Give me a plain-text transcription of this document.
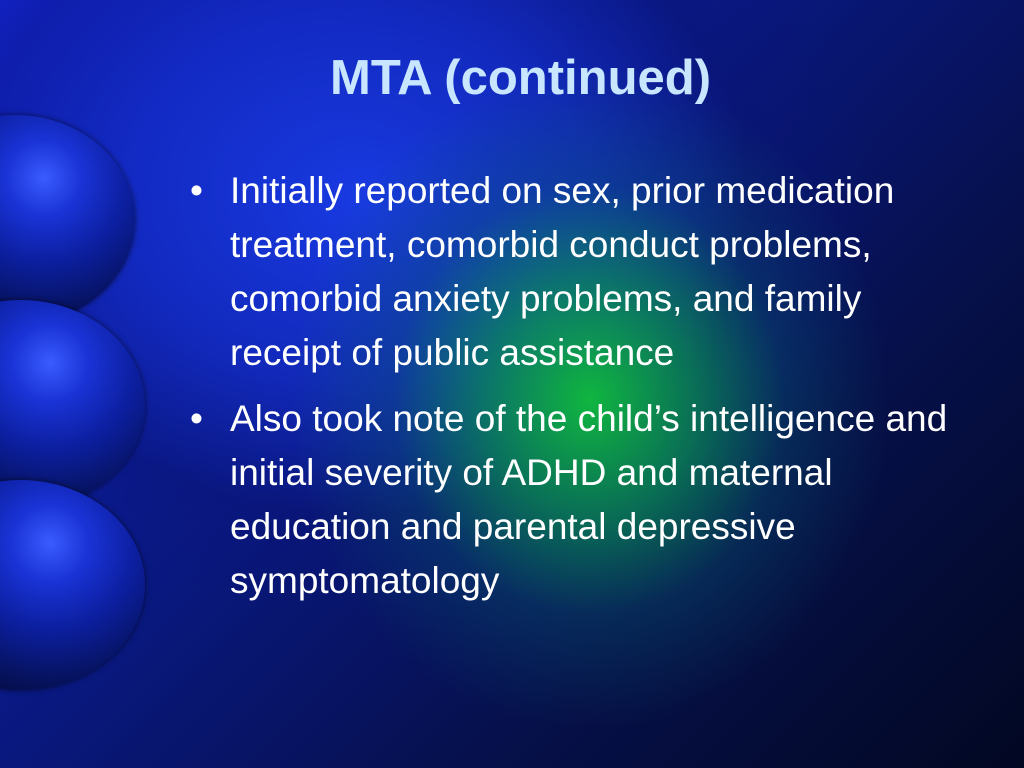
MTA (continued)
• Initially reported on sex, prior medication treatment, comorbid conduct problems, comorbid anxiety problems, and family receipt of public assistance
• Also took note of the child’s intelligence and initial severity of ADHD and maternal education and parental depressive symptomatology
